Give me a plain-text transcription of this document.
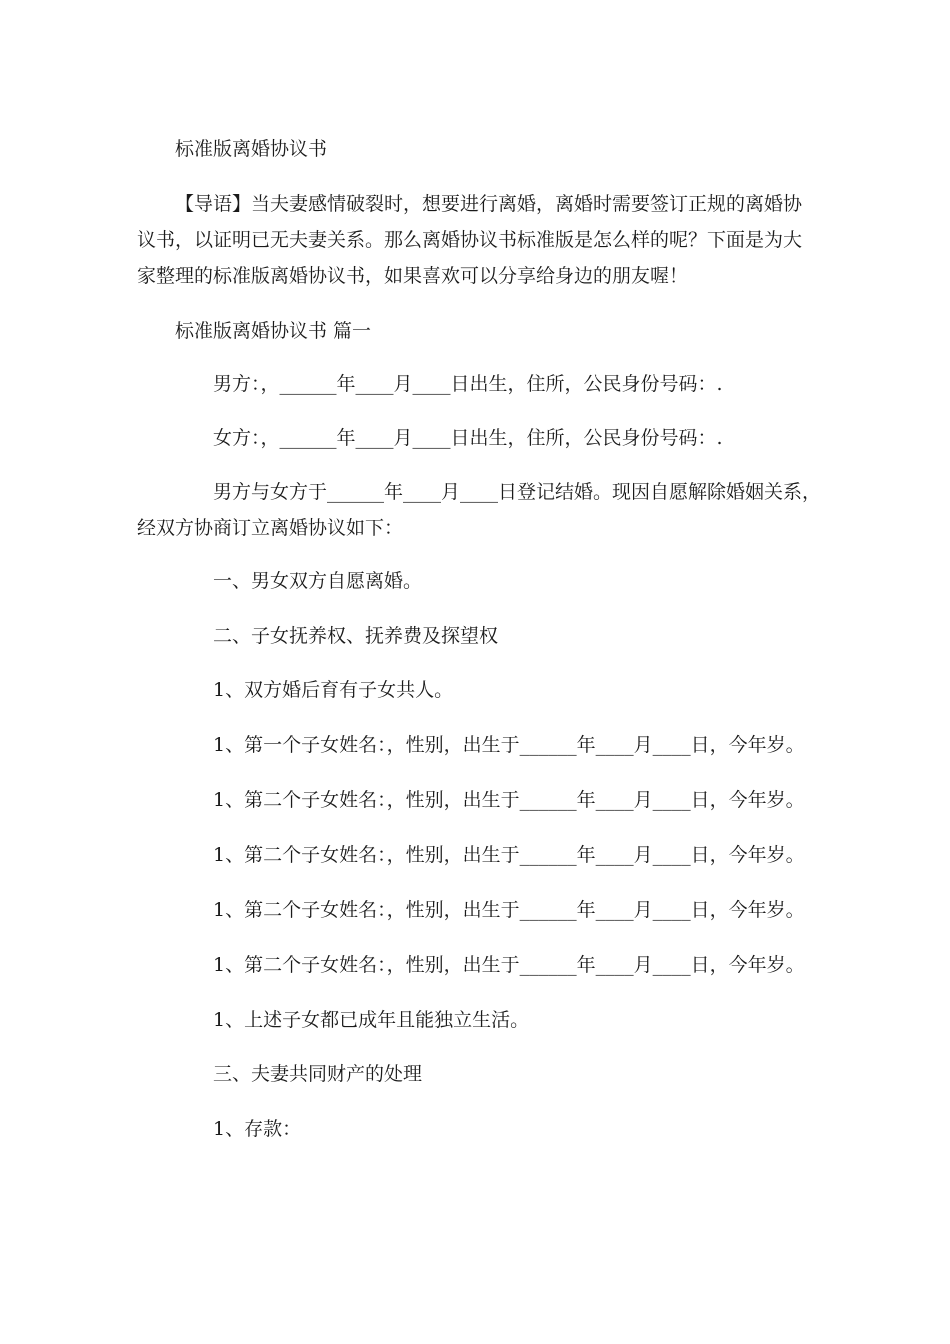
标准版离婚协议书
【导语】当夫妻感情破裂时，想要进行离婚，离婚时需要签订正规的离婚协
议书，以证明已无夫妻关系。那么离婚协议书标准版是怎么样的呢？下面是为大
家整理的标准版离婚协议书，如果喜欢可以分享给身边的朋友喔！
标准版离婚协议书 篇一
男方：，______年____月____日出生，住所，公民身份号码：.
女方：，______年____月____日出生，住所，公民身份号码：.
男方与女方于______年____月____日登记结婚。现因自愿解除婚姻关系，
经双方协商订立离婚协议如下：
一、男女双方自愿离婚。
二、子女抚养权、抚养费及探望权
1、双方婚后育有子女共人。
1、第一个子女姓名：，性别，出生于______年____月____日，今年岁。
1、第二个子女姓名：，性别，出生于______年____月____日，今年岁。
1、第二个子女姓名：，性别，出生于______年____月____日，今年岁。
1、第二个子女姓名：，性别，出生于______年____月____日，今年岁。
1、第二个子女姓名：，性别，出生于______年____月____日，今年岁。
1、上述子女都已成年且能独立生活。
三、夫妻共同财产的处理
1、存款：
